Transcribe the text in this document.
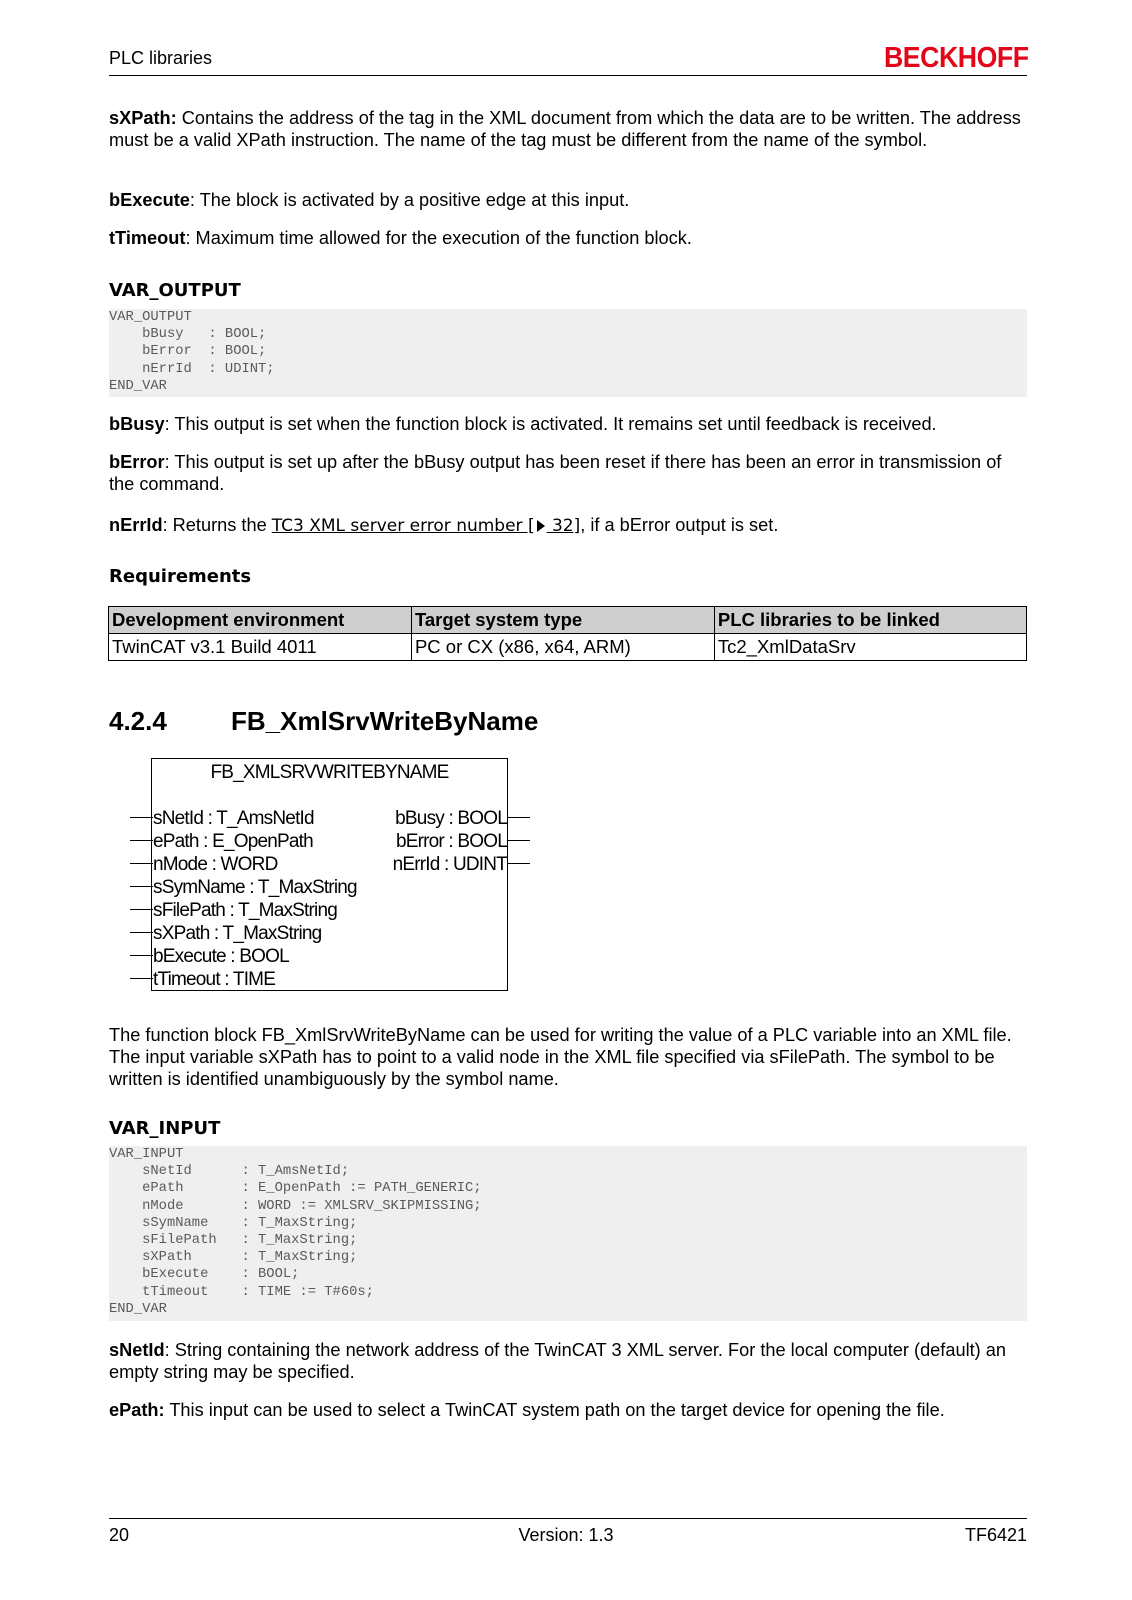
PLC libraries	BECKHOFF

sXPath: Contains the address of the tag in the XML document from which the data are to be written. The address must be a valid XPath instruction. The name of the tag must be different from the name of the symbol.

bExecute: The block is activated by a positive edge at this input.

tTimeout: Maximum time allowed for the execution of the function block.

VAR_OUTPUT
VAR_OUTPUT
bBusy   : BOOL;
bError  : BOOL;
nErrId  : UDINT;
END_VAR

bBusy: This output is set when the function block is activated. It remains set until feedback is received.

bError: This output is set up after the bBusy output has been reset if there has been an error in transmission of the command.

nErrId: Returns the TC3 XML server error number [ 32], if a bError output is set.

Requirements
Development environment	Target system type	PLC libraries to be linked
TwinCAT v3.1 Build 4011	PC or CX (x86, x64, ARM)	Tc2_XmlDataSrv
4.2.4 FB_XmlSrvWriteByName
FB_XMLSRVWRITEBYNAME
sNetId : T_AmsNetId
ePath : E_OpenPath
nMode : WORD
sSymName : T_MaxString
sFilePath : T_MaxString
sXPath : T_MaxString
bExecute : BOOL
tTimeout : TIME
bBusy : BOOL
bError : BOOL
nErrId : UDINT

The function block FB_XmlSrvWriteByName can be used for writing the value of a PLC variable into an XML file. The input variable sXPath has to point to a valid node in the XML file specified via sFilePath. The symbol to be written is identified unambiguously by the symbol name.

VAR_INPUT
VAR_INPUT
sNetId      : T_AmsNetId;
ePath       : E_OpenPath := PATH_GENERIC;
nMode       : WORD := XMLSRV_SKIPMISSING;
sSymName    : T_MaxString;
sFilePath   : T_MaxString;
sXPath      : T_MaxString;
bExecute    : BOOL;
tTimeout    : TIME := T#60s;
END_VAR

sNetId: String containing the network address of the TwinCAT 3 XML server. For the local computer (default) an empty string may be specified.

ePath: This input can be used to select a TwinCAT system path on the target device for opening the file.

20	Version: 1.3	TF6421
